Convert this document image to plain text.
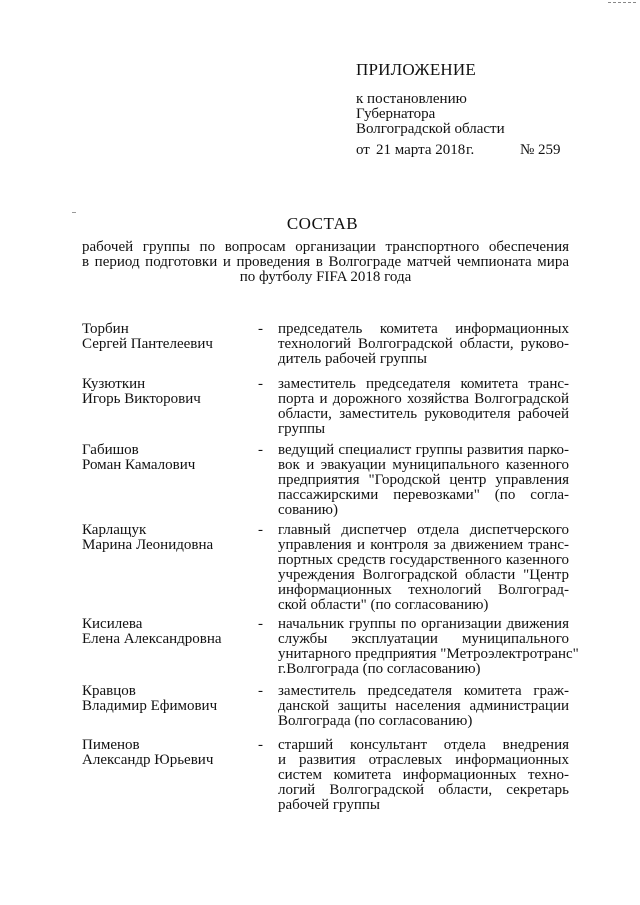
ПРИЛОЖЕНИЕ
к постановлению
Губернатора
Волгоградской области
от 21 марта 2018 г.	№ 259
СОСТАВ
рабочей группы по вопросам организации транспортного обеспечения
в период подготовки и проведения в Волгограде матчей чемпионата мира
по футболу FIFA 2018 года
Торбин
Сергей Пантелеевич
- председатель комитета информационных
технологий Волгоградской области, руково-
дитель рабочей группы
Кузюткин
Игорь Викторович
- заместитель председателя комитета транс-
порта и дорожного хозяйства Волгоградской
области, заместитель руководителя рабочей
группы
Габишов
Роман Камалович
- ведущий специалист группы развития парко-
вок и эвакуации муниципального казенного
предприятия "Городской центр управления
пассажирскими перевозками" (по согла-
сованию)
Карлащук
Марина Леонидовна
- главный диспетчер отдела диспетчерского
управления и контроля за движением транс-
портных средств государственного казенного
учреждения Волгоградской области "Центр
информационных технологий Волгоград-
ской области" (по согласованию)
Кисилева
Елена Александровна
- начальник группы по организации движения
службы эксплуатации муниципального
унитарного предприятия "Метроэлектротранс"
г.Волгограда (по согласованию)
Кравцов
Владимир Ефимович
- заместитель председателя комитета граж-
данской защиты населения администрации
Волгограда (по согласованию)
Пименов
Александр Юрьевич
- старший консультант отдела внедрения
и развития отраслевых информационных
систем комитета информационных техно-
логий Волгоградской области, секретарь
рабочей группы
